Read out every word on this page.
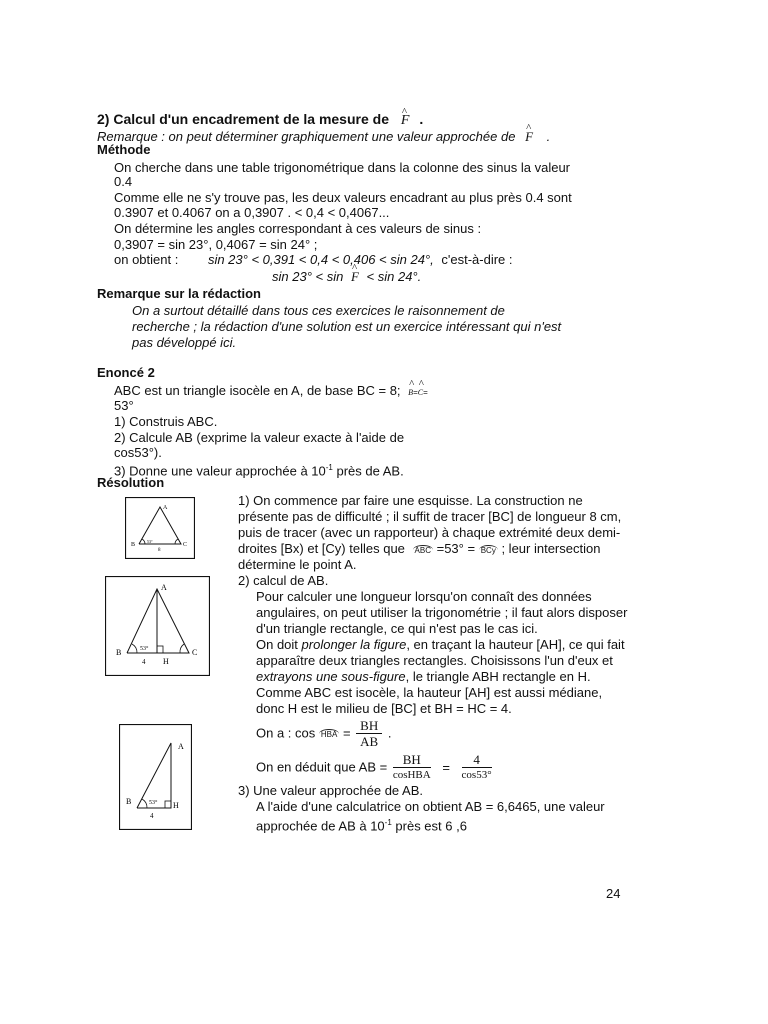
2) Calcul d'un encadrement de la mesure de ^ F .
Remarque : on peut déterminer graphiquement une valeur approchée de ^ F .
Méthode
On cherche dans une table trigonométrique dans la colonne des sinus la valeur
0.4
Comme elle ne s'y trouve pas, les deux valeurs encadrant au plus près 0.4 sont
0.3907 et 0.4067 on a 0,3907 . < 0,4 < 0,4067...
On détermine les angles correspondant à ces valeurs de sinus :
0,3907 = sin 23°, 0,4067 = sin 24° ;
on obtient : sin 23° < 0,391 < 0,4 < 0,406 < sin 24°, c'est-à-dire :
sin 23° < sin ^ F < sin 24°.
Remarque sur la rédaction
On a surtout détaillé dans tous ces exercices le raisonnement de
recherche ; la rédaction d'une solution est un exercice intéressant qui n'est
pas développé ici.
Enoncé 2
ABC est un triangle isocèle en A, de base BC = 8; ^ B=^ C=
53°
1) Construis ABC.
2) Calcule AB (exprime la valeur exacte à l'aide de
cos53°).
3) Donne une valeur approchée à $10^{-1}$ près de AB.
Résolution
A
B	C
53°
8
A
B	C
H
53°
4
A
B	H
53°
4
1) On commence par faire une esquisse. La construction ne
présente pas de difficulté ; il suffit de tracer [BC] de longueur 8 cm,
puis de tracer (avec un rapporteur) à chaque extrémité deux demi-
droites [Bx) et [Cy) telles que ABC =53° = BCy ; leur intersection
détermine le point A.
2) calcul de AB.
Pour calculer une longueur lorsqu'on connaît des données
angulaires, on peut utiliser la trigonométrie ; il faut alors disposer
d'un triangle rectangle, ce qui n'est pas le cas ici.
On doit prolonger la figure, en traçant la hauteur [AH], ce qui fait
apparaître deux triangles rectangles. Choisissons l'un d'eux et
extrayons une sous-figure, le triangle ABH rectangle en H.
Comme ABC est isocèle, la hauteur [AH] est aussi médiane,
donc H est le milieu de [BC] et BH = HC = 4.
On a : cos HBA = $\frac{BH}{AB}$ .
On en déduit que AB = $\frac{BH}{\text{cosHBA}} = \frac{4}{\cos 53^\circ}$
3) Une valeur approchée de AB.
A l'aide d'une calculatrice on obtient AB = 6,6465, une valeur
approchée de AB à $10^{-1}$ près est 6 ,6
24
